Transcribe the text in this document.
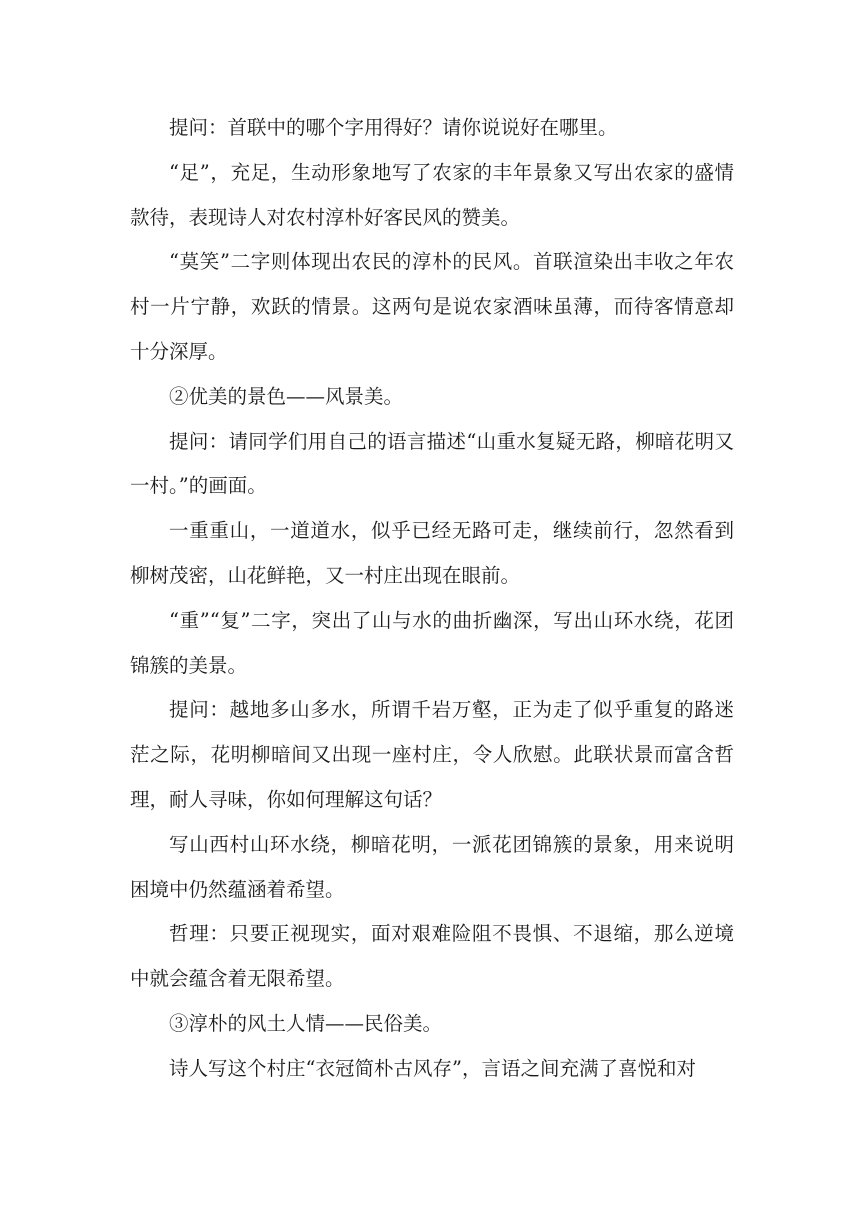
提问：首联中的哪个字用得好？请你说说好在哪里。

“足”，充足，生动形象地写了农家的丰年景象又写出农家的盛情款待，表现诗人对农村淳朴好客民风的赞美。

“莫笑”二字则体现出农民的淳朴的民风。首联渲染出丰收之年农村一片宁静，欢跃的情景。这两句是说农家酒味虽薄，而待客情意却十分深厚。

②优美的景色——风景美。

提问：请同学们用自己的语言描述“山重水复疑无路，柳暗花明又一村。”的画面。

一重重山，一道道水，似乎已经无路可走，继续前行，忽然看到柳树茂密，山花鲜艳，又一村庄出现在眼前。

“重”“复”二字，突出了山与水的曲折幽深，写出山环水绕，花团锦簇的美景。

提问：越地多山多水，所谓千岩万壑，正为走了似乎重复的路迷茫之际，花明柳暗间又出现一座村庄，令人欣慰。此联状景而富含哲理，耐人寻味，你如何理解这句话？

写山西村山环水绕，柳暗花明，一派花团锦簇的景象，用来说明困境中仍然蕴涵着希望。

哲理：只要正视现实，面对艰难险阻不畏惧、不退缩，那么逆境中就会蕴含着无限希望。

③淳朴的风土人情——民俗美。

诗人写这个村庄“衣冠简朴古风存”，言语之间充满了喜悦和对
